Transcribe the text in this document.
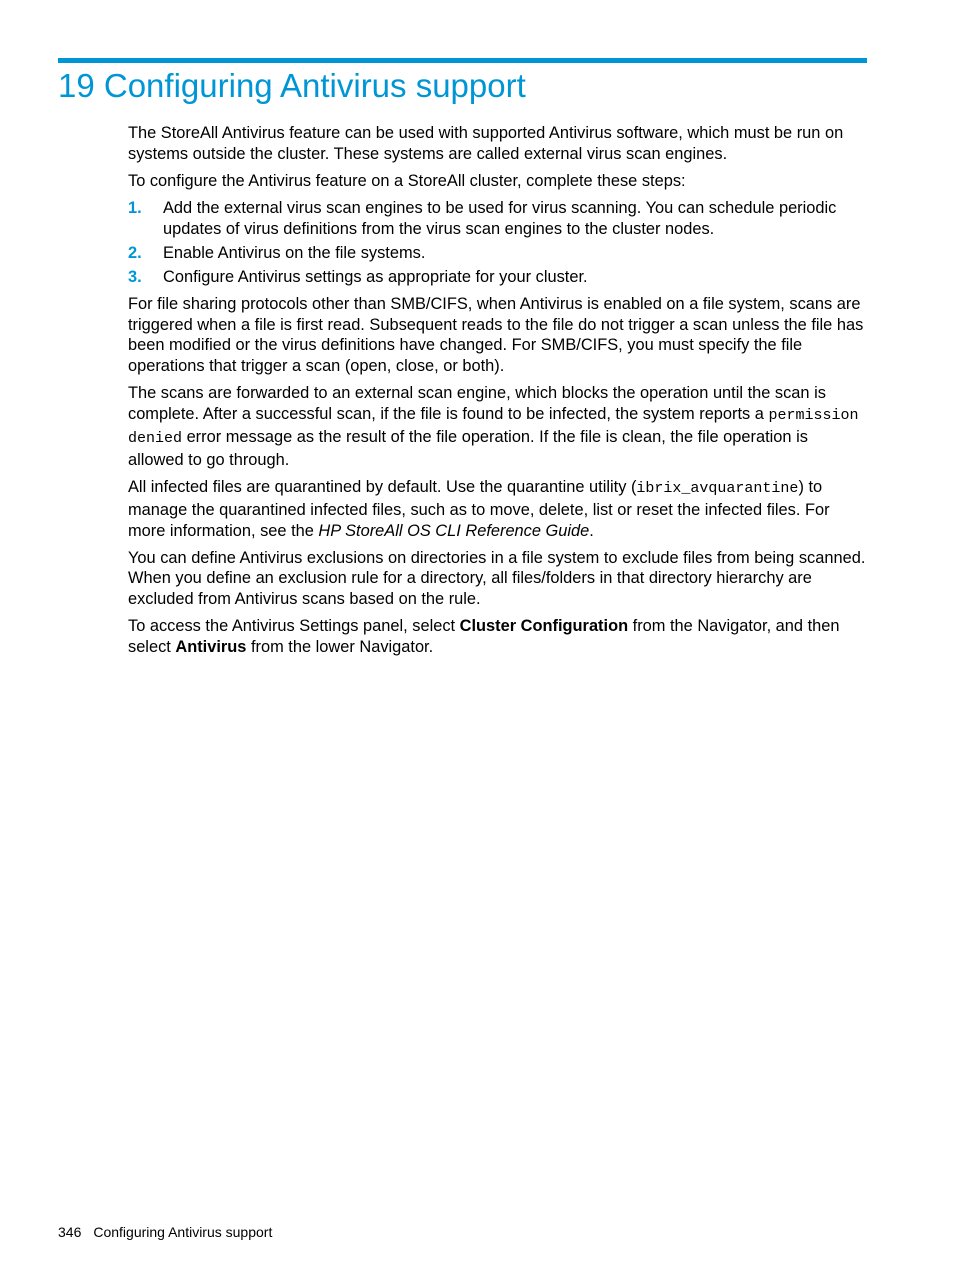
19 Configuring Antivirus support

The StoreAll Antivirus feature can be used with supported Antivirus software, which must be run on systems outside the cluster. These systems are called external virus scan engines.

To configure the Antivirus feature on a StoreAll cluster, complete these steps:

1. Add the external virus scan engines to be used for virus scanning. You can schedule periodic updates of virus definitions from the virus scan engines to the cluster nodes.
2. Enable Antivirus on the file systems.
3. Configure Antivirus settings as appropriate for your cluster.

For file sharing protocols other than SMB/CIFS, when Antivirus is enabled on a file system, scans are triggered when a file is first read. Subsequent reads to the file do not trigger a scan unless the file has been modified or the virus definitions have changed. For SMB/CIFS, you must specify the file operations that trigger a scan (open, close, or both).

The scans are forwarded to an external scan engine, which blocks the operation until the scan is complete. After a successful scan, if the file is found to be infected, the system reports a permission denied error message as the result of the file operation. If the file is clean, the file operation is allowed to go through.

All infected files are quarantined by default. Use the quarantine utility (ibrix_avquarantine) to manage the quarantined infected files, such as to move, delete, list or reset the infected files. For more information, see the HP StoreAll OS CLI Reference Guide.

You can define Antivirus exclusions on directories in a file system to exclude files from being scanned. When you define an exclusion rule for a directory, all files/folders in that directory hierarchy are excluded from Antivirus scans based on the rule.

To access the Antivirus Settings panel, select Cluster Configuration from the Navigator, and then select Antivirus from the lower Navigator.

346 Configuring Antivirus support
